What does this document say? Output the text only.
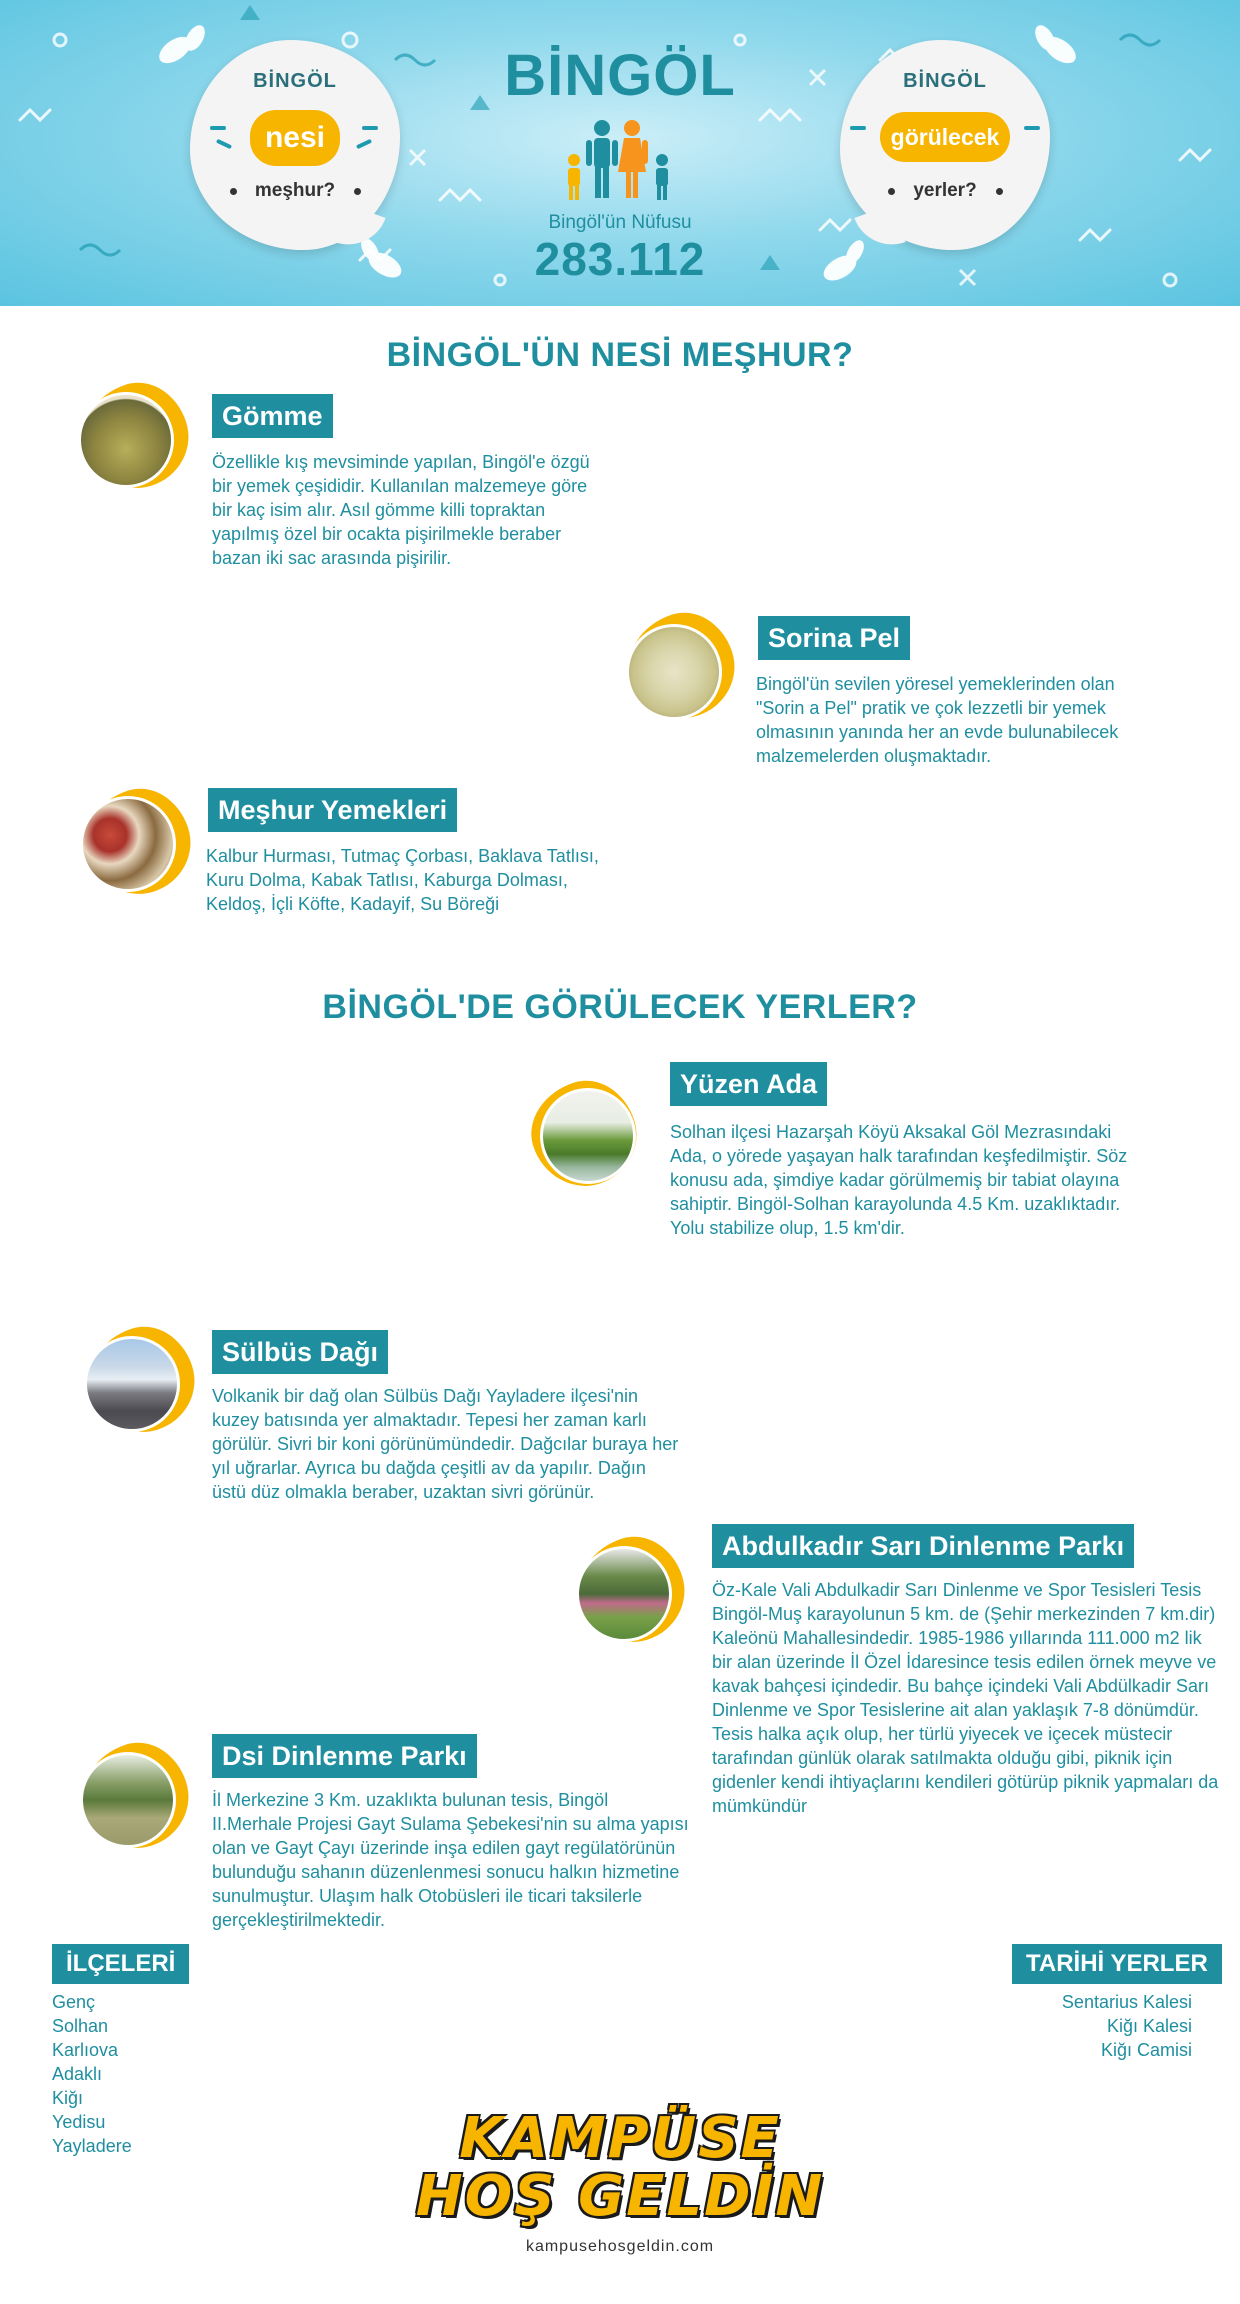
BİNGÖL
nesi
meşhur?
BİNGÖL
görülecek
yerler?
BİNGÖL
Bingöl'ün Nüfusu
283.112
BİNGÖL'ÜN NESİ MEŞHUR?
Gömme
Özellikle kış mevsiminde yapılan, Bingöl'e özgü bir yemek çeşididir. Kullanılan malzemeye göre bir kaç isim alır. Asıl gömme killi topraktan yapılmış özel bir ocakta pişirilmekle beraber bazan iki sac arasında pişirilir.
Sorina Pel
Bingöl'ün sevilen yöresel yemeklerinden olan "Sorin a Pel" pratik ve çok lezzetli bir yemek olmasının yanında her an evde bulunabilecek malzemelerden oluşmaktadır.
Meşhur Yemekleri
Kalbur Hurması, Tutmaç Çorbası, Baklava Tatlısı, Kuru Dolma, Kabak Tatlısı, Kaburga Dolması, Keldoş, İçli Köfte, Kadayif, Su Böreği
BİNGÖL'DE GÖRÜLECEK YERLER?
Yüzen Ada
Solhan ilçesi Hazarşah Köyü Aksakal Göl Mezrasındaki Ada, o yörede yaşayan halk tarafından keşfedilmiştir. Söz konusu ada, şimdiye kadar görülmemiş bir tabiat olayına sahiptir. Bingöl-Solhan karayolunda 4.5 Km. uzaklıktadır. Yolu stabilize olup, 1.5 km'dir.
Sülbüs Dağı
Volkanik bir dağ olan Sülbüs Dağı Yayladere ilçesi'nin kuzey batısında yer almaktadır. Tepesi her zaman karlı görülür. Sivri bir koni görünümündedir. Dağcılar buraya her yıl uğrarlar. Ayrıca bu dağda çeşitli av da yapılır. Dağın üstü düz olmakla beraber, uzaktan sivri görünür.
Abdulkadır Sarı Dinlenme Parkı
Öz-Kale Vali Abdulkadir Sarı Dinlenme ve Spor Tesisleri Tesis Bingöl-Muş karayolunun 5 km. de (Şehir merkezinden 7 km.dir) Kaleönü Mahallesindedir. 1985-1986 yıllarında 111.000 m2 lik bir alan üzerinde İl Özel İdaresince tesis edilen örnek meyve ve kavak bahçesi içindedir. Bu bahçe içindeki Vali Abdülkadir Sarı Dinlenme ve Spor Tesislerine ait alan yaklaşık 7-8 dönümdür. Tesis halka açık olup, her türlü yiyecek ve içecek müstecir tarafından günlük olarak satılmakta olduğu gibi, piknik için gidenler kendi ihtiyaçlarını kendileri götürüp piknik yapmaları da mümkündür
Dsi Dinlenme Parkı
İl Merkezine 3 Km. uzaklıkta bulunan tesis, Bingöl II.Merhale Projesi Gayt Sulama Şebekesi'nin su alma yapısı olan ve Gayt Çayı üzerinde inşa edilen gayt regülatörünün bulunduğu sahanın düzenlenmesi sonucu halkın hizmetine sunulmuştur. Ulaşım halk Otobüsleri ile ticari taksilerle gerçekleştirilmektedir.
İLÇELERİ
Genç
Solhan
Karlıova
Adaklı
Kiğı
Yedisu
Yayladere
TARİHİ YERLER
Sentarius Kalesi
Kiğı Kalesi
Kiğı Camisi
KAMPÜSE
HOŞ GELDİN
kampusehosgeldin.com
